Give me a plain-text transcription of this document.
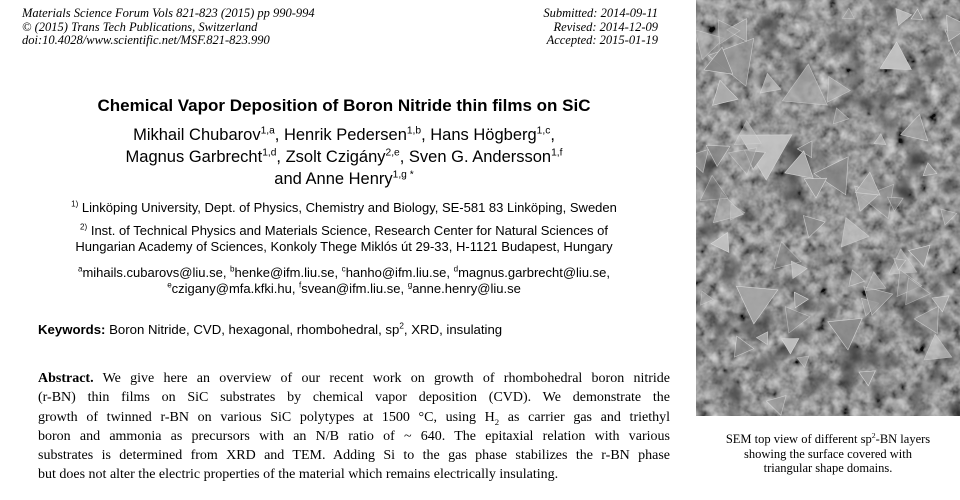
Materials Science Forum Vols 821-823 (2015) pp 990-994
© (2015) Trans Tech Publications, Switzerland
doi:10.4028/www.scientific.net/MSF.821-823.990
Submitted: 2014-09-11
Revised: 2014-12-09
Accepted: 2015-01-19
Chemical Vapor Deposition of Boron Nitride thin films on SiC
Mikhail Chubarov$^{1,a}$, Henrik Pedersen$^{1,b}$, Hans Högberg$^{1,c}$,
Magnus Garbrecht$^{1,d}$, Zsolt Czigány$^{2,e}$, Sven G. Andersson$^{1,f}$
and Anne Henry$^{1,g *}$
$^{1)}$ Linköping University, Dept. of Physics, Chemistry and Biology, SE-581 83 Linköping, Sweden
$^{2)}$ Inst. of Technical Physics and Materials Science, Research Center for Natural Sciences of
Hungarian Academy of Sciences, Konkoly Thege Miklós út 29-33, H-1121 Budapest, Hungary
$^a$mihails.cubarovs@liu.se, $^b$henke@ifm.liu.se, $^c$hanho@ifm.liu.se, $^d$magnus.garbrecht@liu.se,
$^e$czigany@mfa.kfki.hu, $^f$svean@ifm.liu.se, $^g$anne.henry@liu.se
Keywords: Boron Nitride, CVD, hexagonal, rhombohedral, $sp^2$, XRD, insulating
Abstract. We give here an overview of our recent work on growth of rhombohedral boron nitride
(r-BN) thin films on SiC substrates by chemical vapor deposition (CVD). We demonstrate the
growth of twinned r-BN on various SiC polytypes at 1500 °C, using $H_2$ as carrier gas and triethyl
boron and ammonia as precursors with an N/B ratio of ~ 640. The epitaxial relation with various
substrates is determined from XRD and TEM. Adding Si to the gas phase stabilizes the r-BN phase
but does not alter the electric properties of the material which remains electrically insulating.
SEM top view of different $sp^2-BN$ layers
showing the surface covered with
triangular shape domains.
